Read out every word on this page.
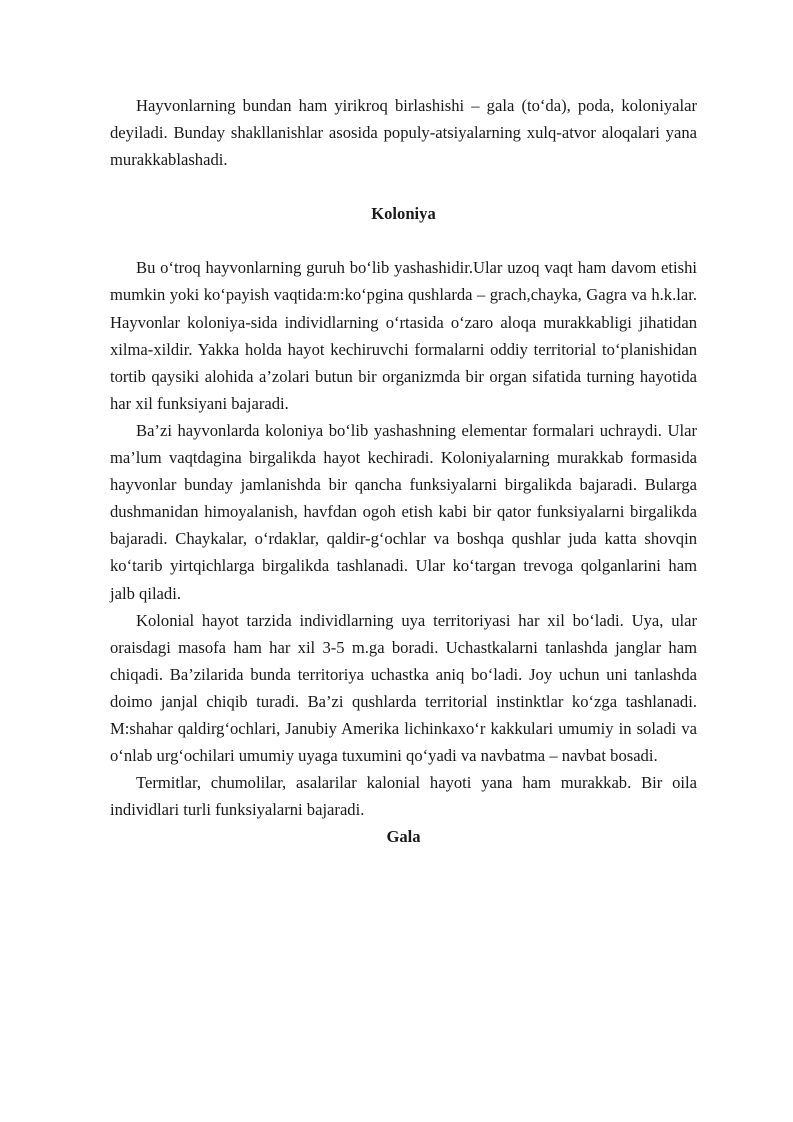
Hayvonlarning bundan ham yirikroq birlashishi – gala (to‘da), poda, koloniyalar deyiladi. Bunday shakllanishlar asosida populy-atsiyalarning xulq-atvor aloqalari yana murakkablashadi.

Koloniya

Bu o‘troq hayvonlarning guruh bo‘lib yashashidir.Ular uzoq vaqt ham davom etishi mumkin yoki ko‘payish vaqtida:m:ko‘pgina qushlarda – grach,chayka, Gagra va h.k.lar. Hayvonlar koloniya-sida individlarning o‘rtasida o‘zaro aloqa murakkabligi jihatidan xilma-xildir. Yakka holda hayot kechiruvchi formalarni oddiy territorial to‘planishidan tortib qaysiki alohida a’zolari butun bir organizmda bir organ sifatida turning hayotida har xil funksiyani bajaradi.

Ba’zi hayvonlarda koloniya bo‘lib yashashning elementar formalari uchraydi. Ular ma’lum vaqtdagina birgalikda hayot kechiradi. Koloniyalarning murakkab formasida hayvonlar bunday jamlanishda bir qancha funksiyalarni birgalikda bajaradi. Bularga dushmanidan himoyalanish, havfdan ogoh etish kabi bir qator funksiyalarni birgalikda bajaradi. Chaykalar, o‘rdaklar, qaldir-g‘ochlar va boshqa qushlar juda katta shovqin ko‘tarib yirtqichlarga birgalikda tashlanadi. Ular ko‘targan trevoga qolganlarini ham jalb qiladi.

Kolonial hayot tarzida individlarning uya territoriyasi har xil bo‘ladi. Uya, ular oraisdagi masofa ham har xil 3-5 m.ga boradi. Uchastkalarni tanlashda janglar ham chiqadi. Ba’zilarida bunda territoriya uchastka aniq bo‘ladi. Joy uchun uni tanlashda doimo janjal chiqib turadi. Ba’zi qushlarda territorial instinktlar ko‘zga tashlanadi. M:shahar qaldirg‘ochlari, Janubiy Amerika lichinkaxo‘r kakkulari umumiy in soladi va o‘nlab urg‘ochilari umumiy uyaga tuxumini qo‘yadi va navbatma – navbat bosadi.

Termitlar, chumolilar, asalarilar kalonial hayoti yana ham murakkab. Bir oila individlari turli funksiyalarni bajaradi.

Gala
